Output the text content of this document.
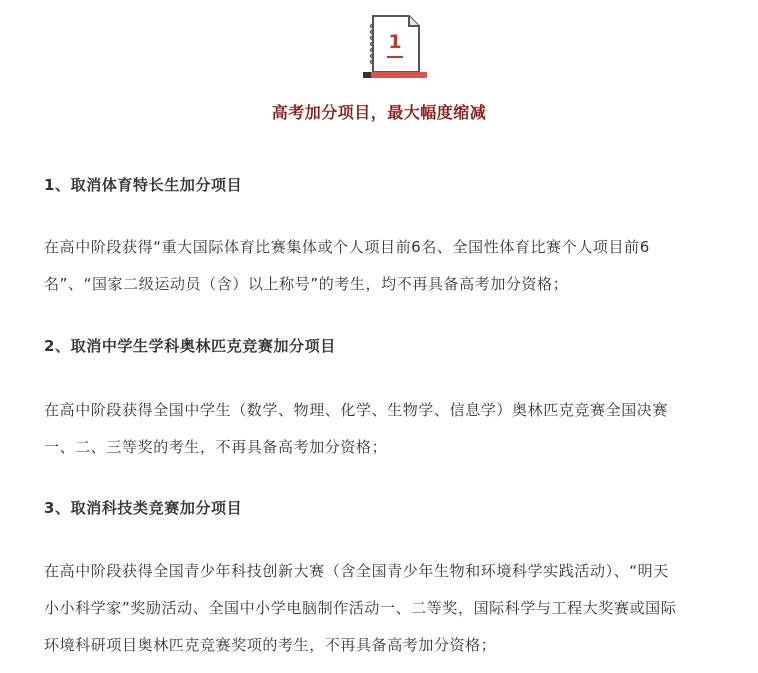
1
高考加分项目，最大幅度缩减

1、取消体育特长生加分项目

在高中阶段获得“重大国际体育比赛集体或个人项目前6名、全国性体育比赛个人项目前6

名”、“国家二级运动员（含）以上称号”的考生，均不再具备高考加分资格；

2、取消中学生学科奥林匹克竞赛加分项目

在高中阶段获得全国中学生（数学、物理、化学、生物学、信息学）奥林匹克竞赛全国决赛

一、二、三等奖的考生，不再具备高考加分资格；

3、取消科技类竞赛加分项目

在高中阶段获得全国青少年科技创新大赛（含全国青少年生物和环境科学实践活动）、“明天

小小科学家”奖励活动、全国中小学电脑制作活动一、二等奖，国际科学与工程大奖赛或国际

环境科研项目奥林匹克竞赛奖项的考生，不再具备高考加分资格；
